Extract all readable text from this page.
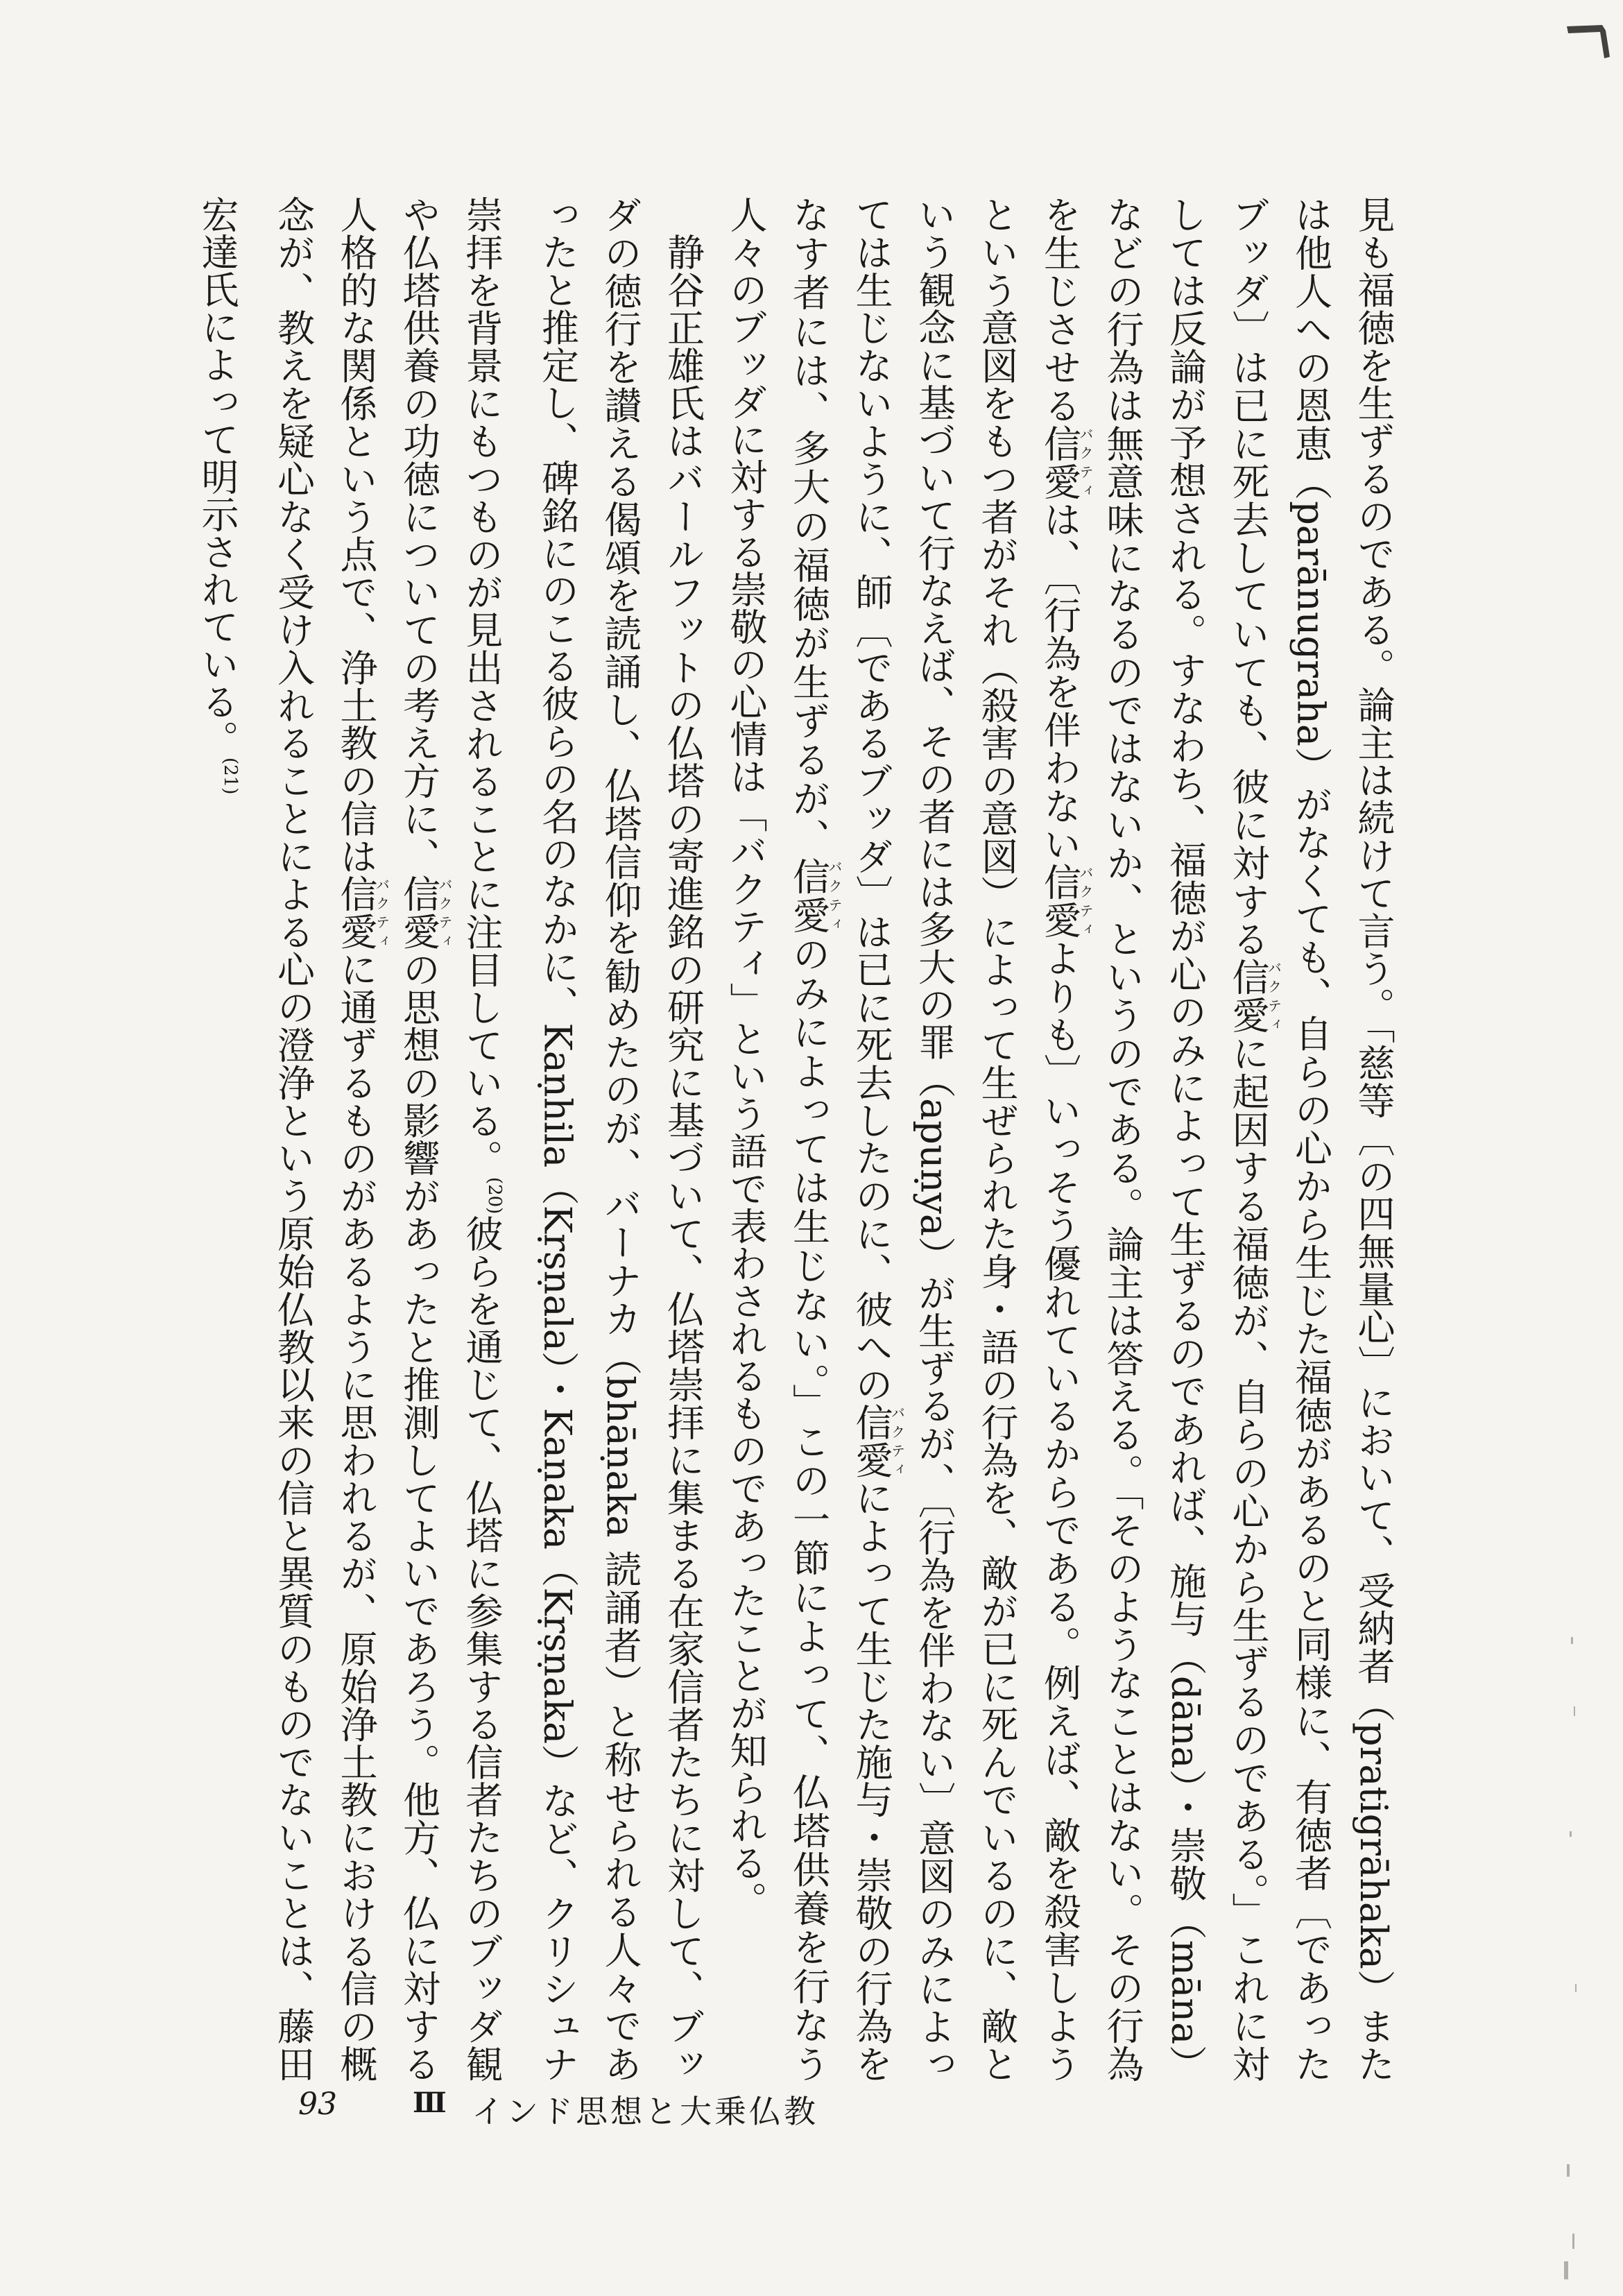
見も福徳を生ずるのである。論主は続けて言う。「慈等〔の四無量心〕において、受納者（pratigrāhaka）または他人への恩恵（parānugraha）がなくても、自らの心から生じた福徳があるのと同様に、有徳者〔であったブッダ〕は已に死去していても、彼に対する信愛バクティに起因する福徳が、自らの心から生ずるのである。」これに対しては反論が予想される。すなわち、福徳が心のみによって生ずるのであれば、施与（dāna）・崇敬（māna）などの行為は無意味になるのではないか、というのである。論主は答える。「そのようなことはない。その行為を生じさせる信愛バクティは、〔行為を伴わない信愛バクティよりも〕いっそう優れているからである。例えば、敵を殺害しようという意図をもつ者がそれ（殺害の意図）によって生ぜられた身・語の行為を、敵が已に死んでいるのに、敵という観念に基づいて行なえば、その者には多大の罪（apuṇya）が生ずるが、〔行為を伴わない〕意図のみによっては生じないように、師〔であるブッダ〕は已に死去したのに、彼への信愛バクティによって生じた施与・崇敬の行為をなす者には、多大の福徳が生ずるが、信愛バクティのみによっては生じない。」この一節によって、仏塔供養を行なう人々のブッダに対する崇敬の心情は「バクティ」という語で表わされるものであったことが知られる。

静谷正雄氏はバールフットの仏塔の寄進銘の研究に基づいて、仏塔崇拝に集まる在家信者たちに対して、ブッダの徳行を讃える偈頌を読誦し、仏塔信仰を勧めたのが、バーナカ（bhāṇaka 読誦者）と称せられる人々であったと推定し、碑銘にのこる彼らの名のなかに、Kaṇhila（Kṛṣṇala）・Kaṇaka（Kṛṣṇaka）など、クリシュナ崇拝を背景にもつものが見出されることに注目している。$^{(20)}$彼らを通じて、仏塔に参集する信者たちのブッダ観や仏塔供養の功徳についての考え方に、信愛バクティの思想の影響があったと推測してよいであろう。他方、仏に対する人格的な関係という点で、浄土教の信は信愛バクティに通ずるものがあるように思われるが、原始浄土教における信の概念が、教えを疑心なく受け入れることによる心の澄浄という原始仏教以来の信と異質のものでないことは、藤田宏達氏によって明示されている。$^{(21)}$

93	Ⅲ インド思想と大乗仏教
